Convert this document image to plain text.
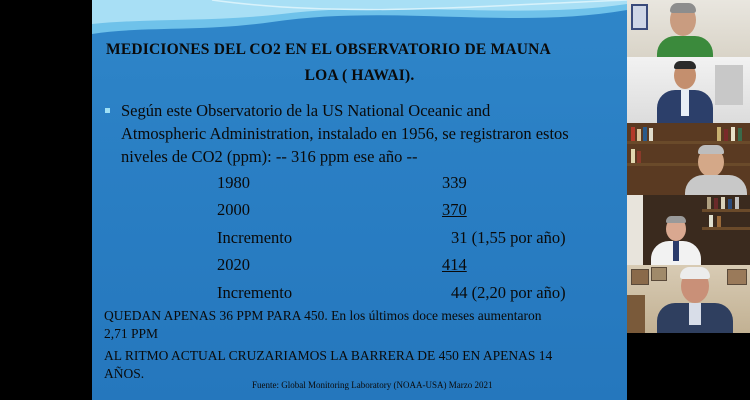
MEDICIONES DEL CO2 EN EL OBSERVATORIO DE MAUNA
LOA ( HAWAI).
Según este Observatorio de la US National Oceanic and
Atmospheric Administration, instalado en 1956, se registraron estos
niveles de CO2 (ppm): -- 316 ppm ese año --
1980	339
2000	370
Incremento	31 (1,55 por año)
2020	414
Incremento	44 (2,20 por año)
QUEDAN APENAS 36 PPM PARA 450. En los últimos doce meses aumentaron
2,71 PPM
AL RITMO ACTUAL CRUZARIAMOS LA BARRERA DE 450 EN APENAS 14
AÑOS.
Fuente: Global Monitoring Laboratory (NOAA-USA) Marzo 2021
